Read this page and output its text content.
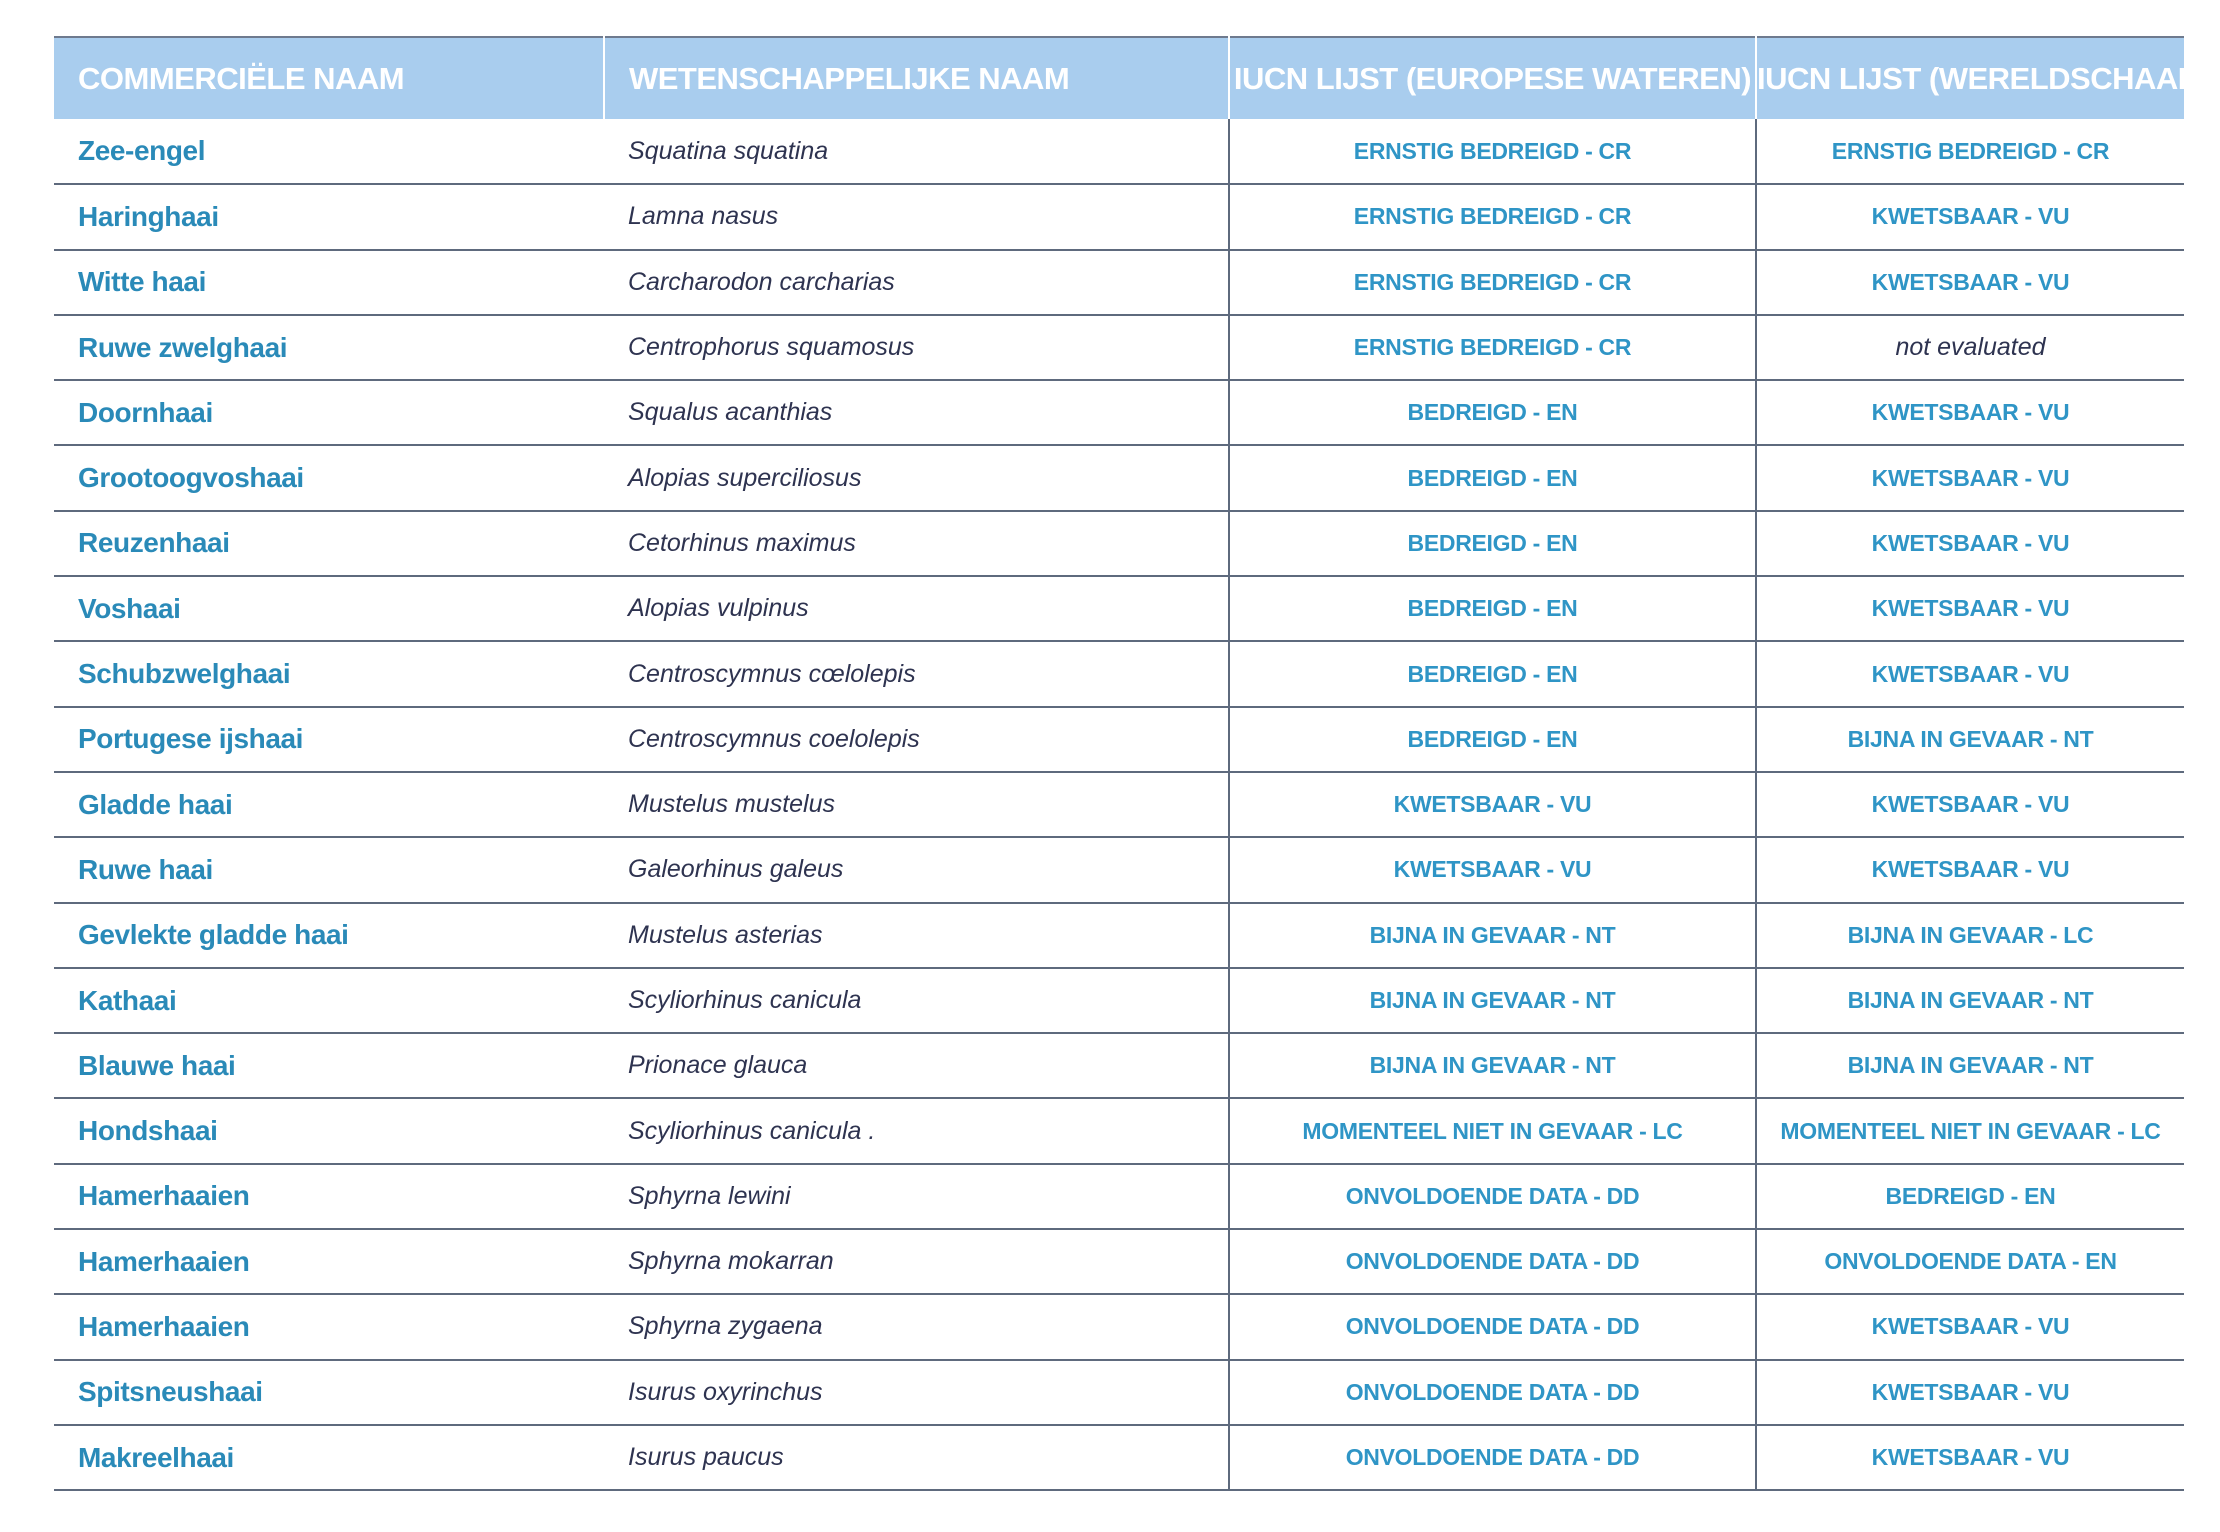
COMMERCIËLE NAAM	WETENSCHAPPELIJKE NAAM	IUCN LIJST (EUROPESE WATEREN)	IUCN LIJST (WERELDSCHAAL)
Zee-engel	Squatina squatina	ERNSTIG BEDREIGD - CR	ERNSTIG BEDREIGD - CR
Haringhaai	Lamna nasus	ERNSTIG BEDREIGD - CR	KWETSBAAR - VU
Witte haai	Carcharodon carcharias	ERNSTIG BEDREIGD - CR	KWETSBAAR - VU
Ruwe zwelghaai	Centrophorus squamosus	ERNSTIG BEDREIGD - CR	not evaluated
Doornhaai	Squalus acanthias	BEDREIGD - EN	KWETSBAAR - VU
Grootoogvoshaai	Alopias superciliosus	BEDREIGD - EN	KWETSBAAR - VU
Reuzenhaai	Cetorhinus maximus	BEDREIGD - EN	KWETSBAAR - VU
Voshaai	Alopias vulpinus	BEDREIGD - EN	KWETSBAAR - VU
Schubzwelghaai	Centroscymnus cœlolepis	BEDREIGD - EN	KWETSBAAR - VU
Portugese ijshaai	Centroscymnus coelolepis	BEDREIGD - EN	BIJNA IN GEVAAR - NT
Gladde haai	Mustelus mustelus	KWETSBAAR - VU	KWETSBAAR - VU
Ruwe haai	Galeorhinus galeus	KWETSBAAR - VU	KWETSBAAR - VU
Gevlekte gladde haai	Mustelus asterias	BIJNA IN GEVAAR - NT	BIJNA IN GEVAAR - LC
Kathaai	Scyliorhinus canicula	BIJNA IN GEVAAR - NT	BIJNA IN GEVAAR - NT
Blauwe haai	Prionace glauca	BIJNA IN GEVAAR - NT	BIJNA IN GEVAAR - NT
Hondshaai	Scyliorhinus canicula .	MOMENTEEL NIET IN GEVAAR - LC	MOMENTEEL NIET IN GEVAAR - LC
Hamerhaaien	Sphyrna lewini	ONVOLDOENDE DATA - DD	BEDREIGD - EN
Hamerhaaien	Sphyrna mokarran	ONVOLDOENDE DATA - DD	ONVOLDOENDE DATA - EN
Hamerhaaien	Sphyrna zygaena	ONVOLDOENDE DATA - DD	KWETSBAAR - VU
Spitsneushaai	Isurus oxyrinchus	ONVOLDOENDE DATA - DD	KWETSBAAR - VU
Makreelhaai	Isurus paucus	ONVOLDOENDE DATA - DD	KWETSBAAR - VU
